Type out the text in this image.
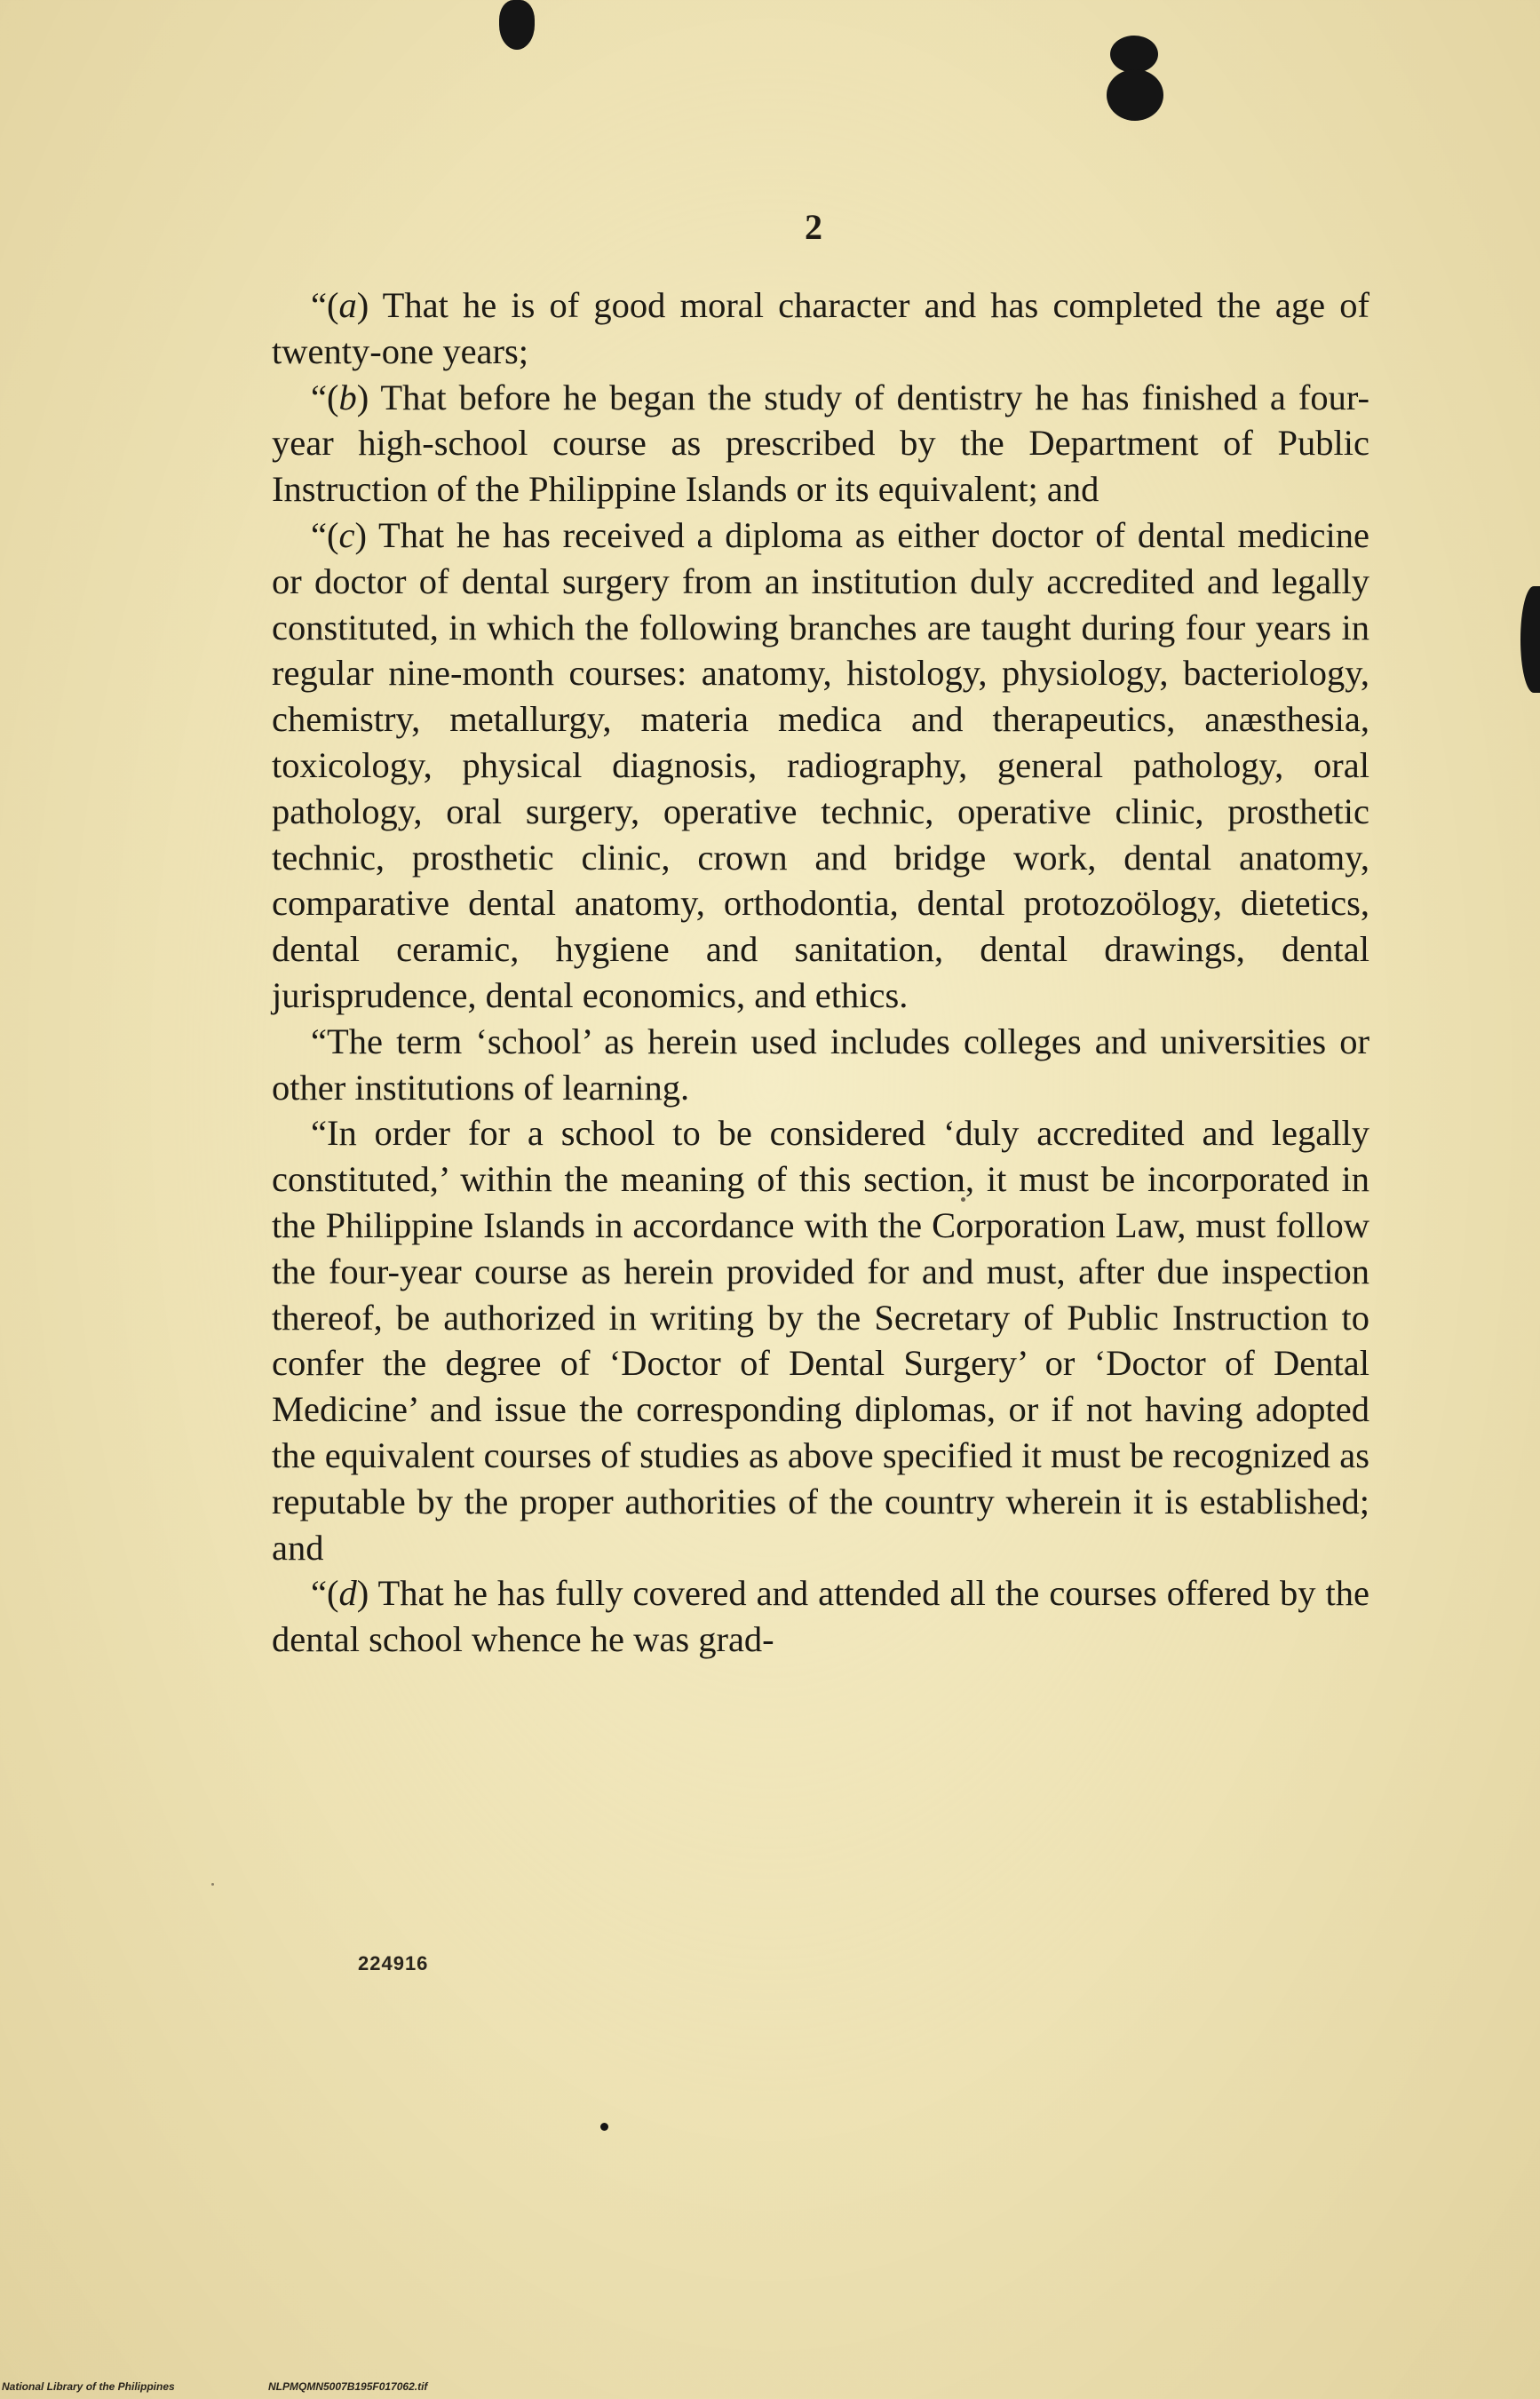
2

“(a) That he is of good moral character and has completed the age of twenty-one years;

“(b) That before he began the study of dentistry he has finished a four-year high-school course as prescribed by the Department of Public Instruction of the Philippine Islands or its equivalent; and

“(c) That he has received a diploma as either doctor of dental medicine or doctor of dental surgery from an institution duly accredited and legally constituted, in which the following branches are taught during four years in regular nine-month courses: anatomy, histology, physiology, bacteriology, chemistry, metallurgy, materia medica and therapeutics, anæsthesia, toxicology, physical diagnosis, radiography, general pathology, oral pathology, oral surgery, operative technic, operative clinic, prosthetic technic, prosthetic clinic, crown and bridge work, dental anatomy, comparative dental anatomy, orthodontia, dental protozoölogy, dietetics, dental ceramic, hygiene and sanitation, dental drawings, dental jurisprudence, dental economics, and ethics.

“The term ‘school’ as herein used includes colleges and universities or other institutions of learning.

“In order for a school to be considered ‘duly accredited and legally constituted,’ within the meaning of this section, it must be incorporated in the Philippine Islands in accordance with the Corporation Law, must follow the four-year course as herein provided for and must, after due inspection thereof, be authorized in writing by the Secretary of Public Instruction to confer the degree of ‘Doctor of Dental Surgery’ or ‘Doctor of Dental Medicine’ and issue the corresponding diplomas, or if not having adopted the equivalent courses of studies as above specified it must be recognized as reputable by the proper authorities of the country wherein it is established; and

“(d) That he has fully covered and attended all the courses offered by the dental school whence he was grad-

224916
National Library of the Philippines	NLPMQMN5007B195F017062.tif
